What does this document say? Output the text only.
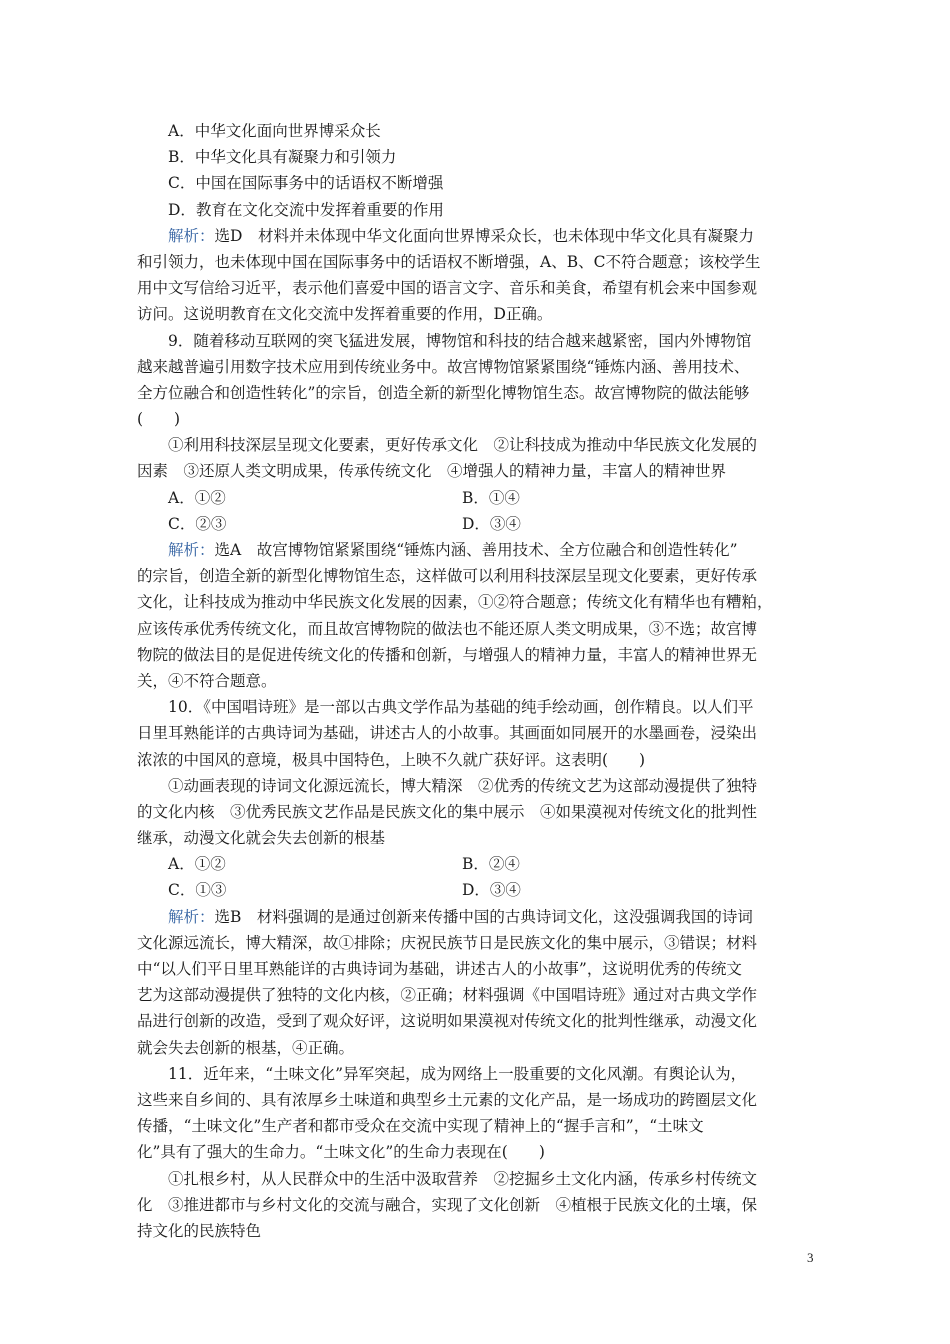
A．中华文化面向世界博采众长
B．中华文化具有凝聚力和引领力
C．中国在国际事务中的话语权不断增强
D．教育在文化交流中发挥着重要的作用
解析：选D　材料并未体现中华文化面向世界博采众长，也未体现中华文化具有凝聚力
和引领力，也未体现中国在国际事务中的话语权不断增强，A、B、C不符合题意；该校学生
用中文写信给习近平，表示他们喜爱中国的语言文字、音乐和美食，希望有机会来中国参观
访问。这说明教育在文化交流中发挥着重要的作用，D正确。
9．随着移动互联网的突飞猛进发展，博物馆和科技的结合越来越紧密，国内外博物馆
越来越普遍引用数字技术应用到传统业务中。故宫博物馆紧紧围绕“锤炼内涵、善用技术、
全方位融合和创造性转化”的宗旨，创造全新的新型化博物馆生态。故宫博物院的做法能够
(　　)
①利用科技深层呈现文化要素，更好传承文化　②让科技成为推动中华民族文化发展的
因素　③还原人类文明成果，传承传统文化　④增强人的精神力量，丰富人的精神世界
A．①②	B．①④
C．②③	D．③④
解析：选A　故宫博物馆紧紧围绕“锤炼内涵、善用技术、全方位融合和创造性转化”
的宗旨，创造全新的新型化博物馆生态，这样做可以利用科技深层呈现文化要素，更好传承
文化，让科技成为推动中华民族文化发展的因素，①②符合题意；传统文化有精华也有糟粕，
应该传承优秀传统文化，而且故宫博物院的做法也不能还原人类文明成果，③不选；故宫博
物院的做法目的是促进传统文化的传播和创新，与增强人的精神力量，丰富人的精神世界无
关，④不符合题意。
10．《中国唱诗班》是一部以古典文学作品为基础的纯手绘动画，创作精良。以人们平
日里耳熟能详的古典诗词为基础，讲述古人的小故事。其画面如同展开的水墨画卷，浸染出
浓浓的中国风的意境，极具中国特色，上映不久就广获好评。这表明(　　)
①动画表现的诗词文化源远流长，博大精深　②优秀的传统文艺为这部动漫提供了独特
的文化内核　③优秀民族文艺作品是民族文化的集中展示　④如果漠视对传统文化的批判性
继承，动漫文化就会失去创新的根基
A．①②	B．②④
C．①③	D．③④
解析：选B　材料强调的是通过创新来传播中国的古典诗词文化，这没强调我国的诗词
文化源远流长，博大精深，故①排除；庆祝民族节日是民族文化的集中展示，③错误；材料
中“以人们平日里耳熟能详的古典诗词为基础，讲述古人的小故事”，这说明优秀的传统文
艺为这部动漫提供了独特的文化内核，②正确；材料强调《中国唱诗班》通过对古典文学作
品进行创新的改造，受到了观众好评，这说明如果漠视对传统文化的批判性继承，动漫文化
就会失去创新的根基，④正确。
11．近年来，“土味文化”异军突起，成为网络上一股重要的文化风潮。有舆论认为，
这些来自乡间的、具有浓厚乡土味道和典型乡土元素的文化产品，是一场成功的跨圈层文化
传播，“土味文化”生产者和都市受众在交流中实现了精神上的“握手言和”，“土味文
化”具有了强大的生命力。“土味文化”的生命力表现在(　　)
①扎根乡村，从人民群众中的生活中汲取营养　②挖掘乡土文化内涵，传承乡村传统文
化　③推进都市与乡村文化的交流与融合，实现了文化创新　④植根于民族文化的土壤，保
持文化的民族特色
3
